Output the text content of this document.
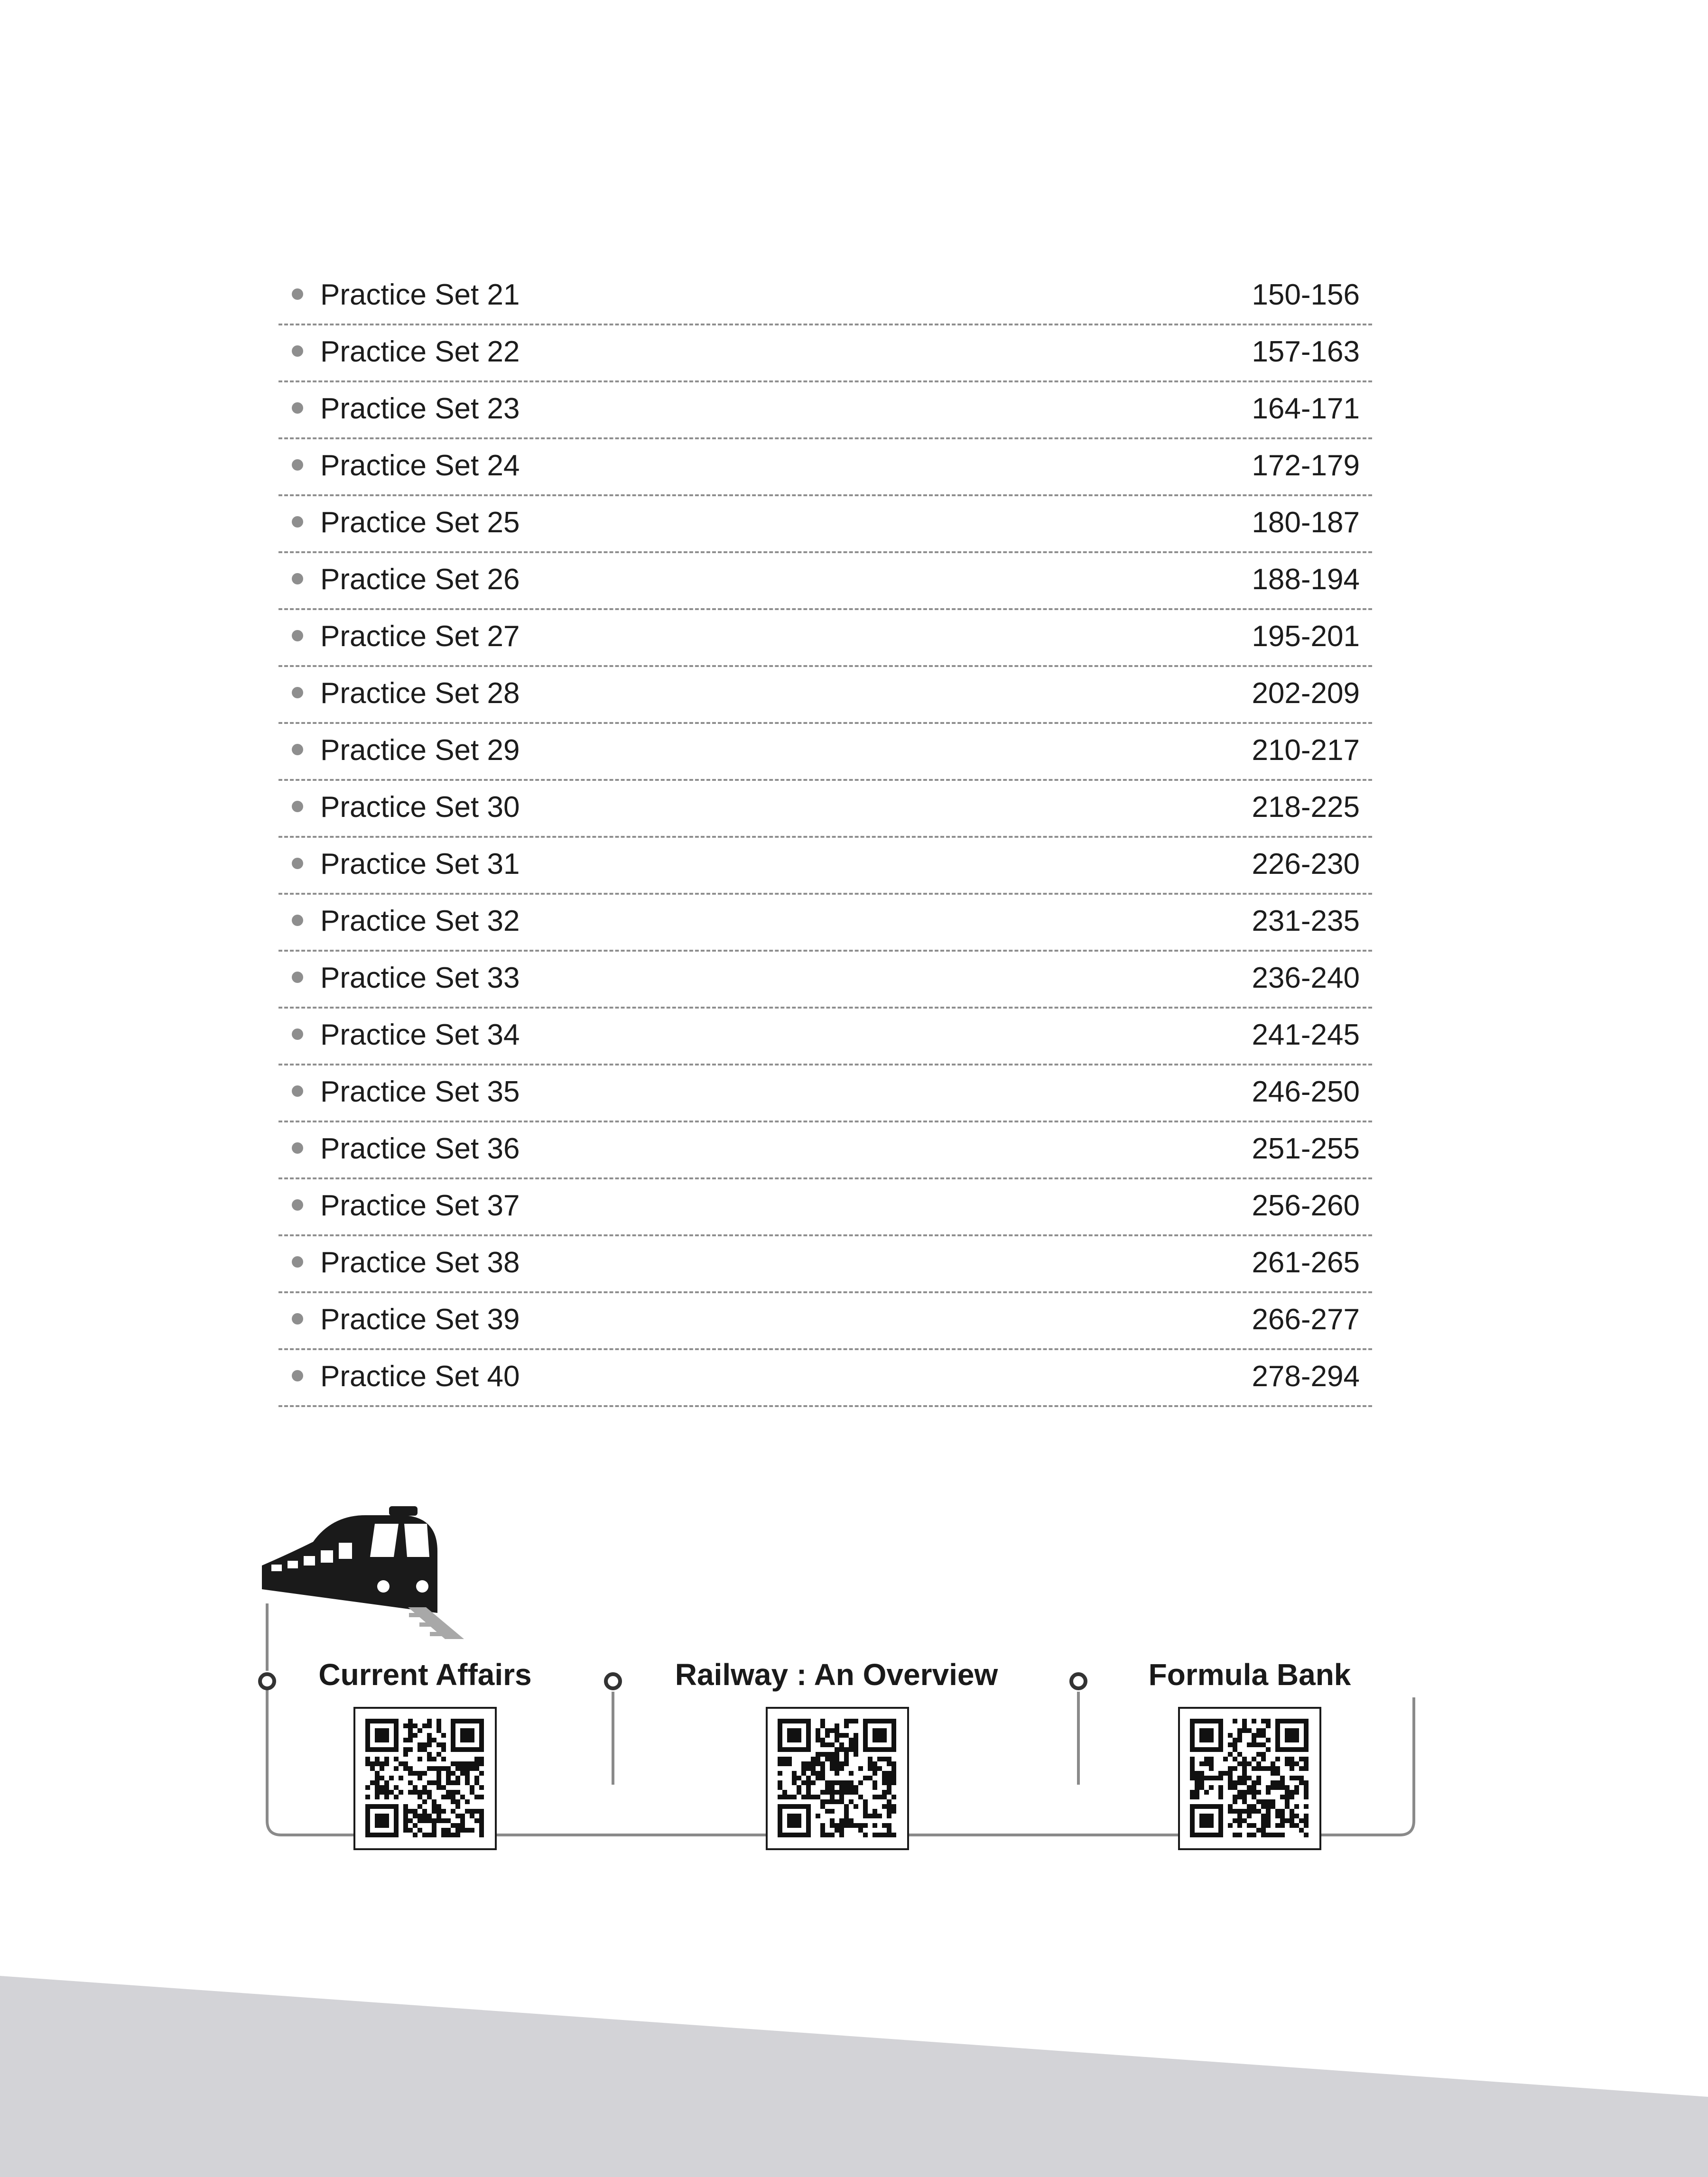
Practice Set 21	150-156
Practice Set 22	157-163
Practice Set 23	164-171
Practice Set 24	172-179
Practice Set 25	180-187
Practice Set 26	188-194
Practice Set 27	195-201
Practice Set 28	202-209
Practice Set 29	210-217
Practice Set 30	218-225
Practice Set 31	226-230
Practice Set 32	231-235
Practice Set 33	236-240
Practice Set 34	241-245
Practice Set 35	246-250
Practice Set 36	251-255
Practice Set 37	256-260
Practice Set 38	261-265
Practice Set 39	266-277
Practice Set 40	278-294
Current Affairs	Railway : An Overview	Formula Bank
